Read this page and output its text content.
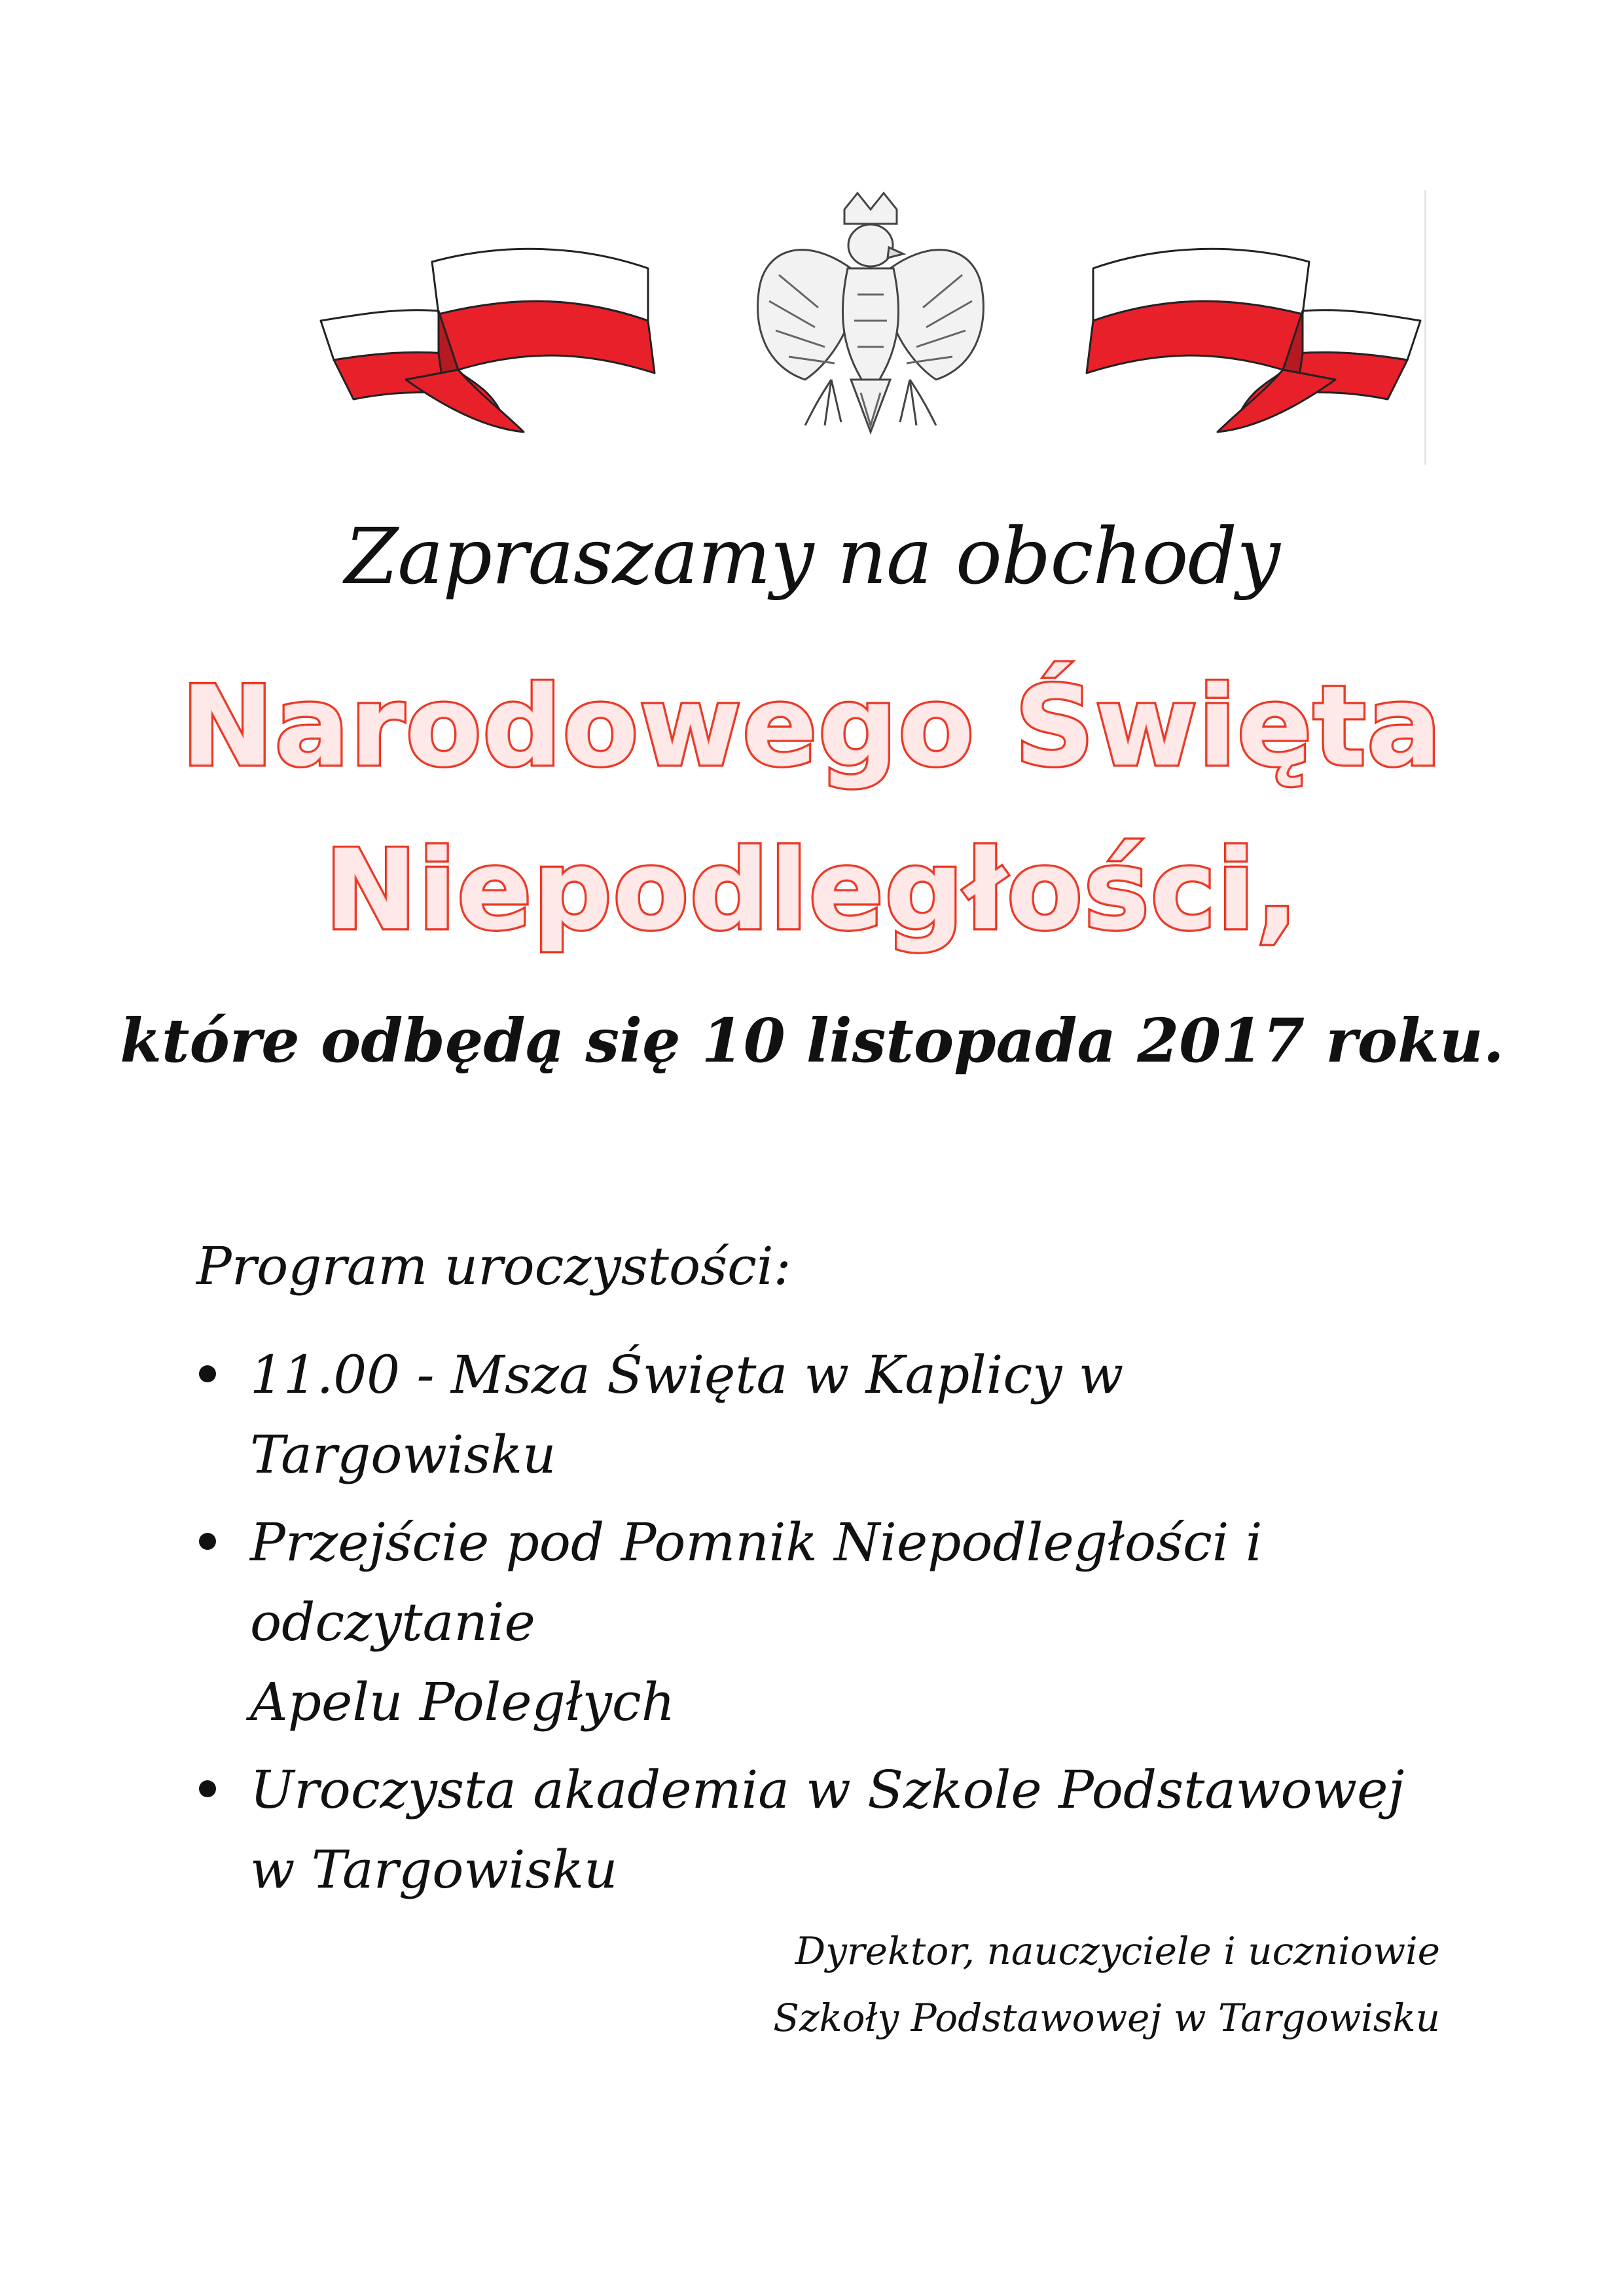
Zapraszamy na obchody
Narodowego Święta
Niepodległości,
które odbędą się 10 listopada 2017 roku.
Program uroczystości:
11.00 - Msza Święta w Kaplicy w Targowisku
Przejście pod Pomnik Niepodległości i odczytanie
Apelu Poległych
Uroczysta akademia w Szkole Podstawowej
w Targowisku
Dyrektor, nauczyciele i uczniowie
Szkoły Podstawowej w Targowisku
